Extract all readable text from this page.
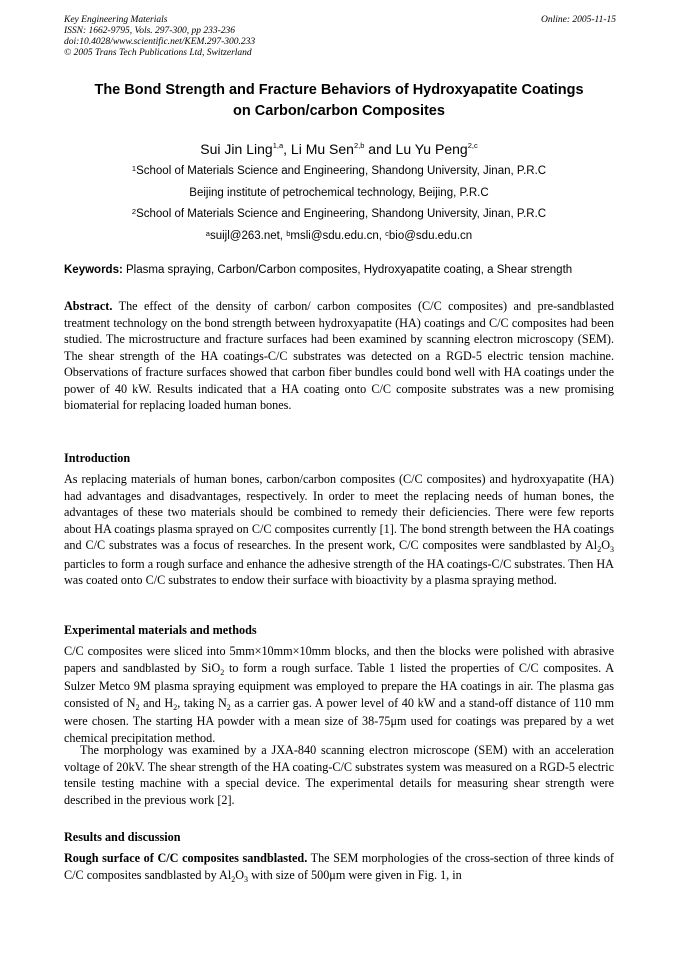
Key Engineering Materials
ISSN: 1662-9795, Vols. 297-300, pp 233-236
doi:10.4028/www.scientific.net/KEM.297-300.233
© 2005 Trans Tech Publications Ltd, Switzerland
Online: 2005-11-15
The Bond Strength and Fracture Behaviors of Hydroxyapatite Coatings
on Carbon/carbon Composites
Sui Jin Ling$^{1,a}$, Li Mu Sen$^{2,b}$ and Lu Yu Peng$^{2,c}$
$^1$School of Materials Science and Engineering, Shandong University, Jinan, P.R.C
Beijing institute of petrochemical technology, Beijing, P.R.C
$^2$School of Materials Science and Engineering, Shandong University, Jinan, P.R.C
$^a$suijl@263.net, $^b$msli@sdu.edu.cn, $^c$bio@sdu.edu.cn
Keywords: Plasma spraying, Carbon/Carbon composites, Hydroxyapatite coating, a Shear strength
Abstract. The effect of the density of carbon/ carbon composites (C/C composites) and pre-sandblasted treatment technology on the bond strength between hydroxyapatite (HA) coatings and C/C composites had been studied. The microstructure and fracture surfaces had been examined by scanning electron microscopy (SEM). The shear strength of the HA coatings-C/C substrates was detected on a RGD-5 electric tension machine. Observations of fracture surfaces showed that carbon fiber bundles could bond well with HA coatings under the power of 40 kW. Results indicated that a HA coating onto C/C composite substrates was a new promising biomaterial for replacing loaded human bones.
Introduction
As replacing materials of human bones, carbon/carbon composites (C/C composites) and hydroxyapatite (HA) had advantages and disadvantages, respectively. In order to meet the replacing needs of human bones, the advantages of these two materials should be combined to remedy their deficiencies. There were few reports about HA coatings plasma sprayed on C/C composites currently [1]. The bond strength between the HA coatings and C/C substrates was a focus of researches. In the present work, C/C composites were sandblasted by $Al_2O_3$ particles to form a rough surface and enhance the adhesive strength of the HA coatings-C/C substrates. Then HA was coated onto C/C substrates to endow their surface with bioactivity by a plasma spraying method.
Experimental materials and methods
C/C composites were sliced into 5mm×10mm×10mm blocks, and then the blocks were polished with abrasive papers and sandblasted by SiO$_2$ to form a rough surface. Table 1 listed the properties of C/C composites. A Sulzer Metco 9M plasma spraying equipment was employed to prepare the HA coatings in air. The plasma gas consisted of $N_2$ and $H_2$, taking $N_2$ as a carrier gas. A power level of 40 kW and a stand-off distance of 110 mm were chosen. The starting HA powder with a mean size of 38-75μm used for coatings was prepared by a wet chemical precipitation method.
The morphology was examined by a JXA-840 scanning electron microscope (SEM) with an acceleration voltage of 20kV. The shear strength of the HA coating-C/C substrates system was measured on a RGD-5 electric tensile testing machine with a special device. The experimental details for measuring shear strength were described in the previous work [2].
Results and discussion
Rough surface of C/C composites sandblasted. The SEM morphologies of the cross-section of three kinds of C/C composites sandblasted by $Al_2O_3$ with size of 500μm were given in Fig. 1, in
